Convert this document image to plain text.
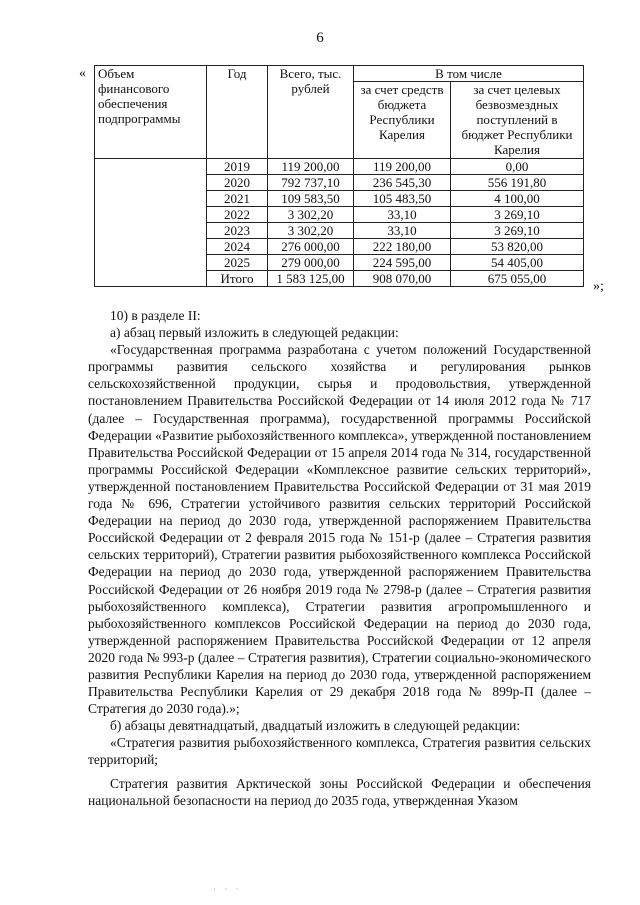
6
« Объем финансового обеспечения подпрограммы	Год	Всего, тыс. рублей	В том числе	
			за счет средств бюджета Республики Карелия	за счет целевых безвозмездных поступлений в бюджет Республики Карелия
	2019	119 200,00	119 200,00	0,00
	2020	792 737,10	236 545,30	556 191,80
	2021	109 583,50	105 483,50	4 100,00
	2022	3 302,20	33,10	3 269,10
	2023	3 302,20	33,10	3 269,10
	2024	276 000,00	222 180,00	53 820,00
	2025	279 000,00	224 595,00	54 405,00
	Итого	1 583 125,00	908 070,00	675 055,00
»;

10) в разделе II:

а) абзац первый изложить в следующей редакции:

«Государственная программа разработана с учетом положений Государственной программы развития сельского хозяйства и регулирования рынков сельскохозяйственной продукции, сырья и продовольствия, утвержденной постановлением Правительства Российской Федерации от 14 июля 2012 года № 717 (далее – Государственная программа), государственной программы Российской Федерации «Развитие рыбохозяйственного комплекса», утвержденной постановлением Правительства Российской Федерации от 15 апреля 2014 года № 314, государственной программы Российской Федерации «Комплексное развитие сельских территорий», утвержденной постановлением Правительства Российской Федерации от 31 мая 2019 года № 696, Стратегии устойчивого развития сельских территорий Российской Федерации на период до 2030 года, утвержденной распоряжением Правительства Российской Федерации от 2 февраля 2015 года № 151-р (далее – Стратегия развития сельских территорий), Стратегии развития рыбохозяйственного комплекса Российской Федерации на период до 2030 года, утвержденной распоряжением Правительства Российской Федерации от 26 ноября 2019 года № 2798-р (далее – Стратегия развития рыбохозяйственного комплекса), Стратегии развития агропромышленного и рыбохозяйственного комплексов Российской Федерации на период до 2030 года, утвержденной распоряжением Правительства Российской Федерации от 12 апреля 2020 года № 993-р (далее – Стратегия развития), Стратегии социально-экономического развития Республики Карелия на период до 2030 года, утвержденной распоряжением Правительства Республики Карелия от 29 декабря 2018 года № 899р-П (далее – Стратегия до 2030 года).»;

б) абзацы девятнадцатый, двадцатый изложить в следующей редакции:

«Стратегия развития рыбохозяйственного комплекса, Стратегия развития сельских территорий;

Стратегия развития Арктической зоны Российской Федерации и обеспечения национальной безопасности на период до 2035 года, утвержденная Указом

· · ·
